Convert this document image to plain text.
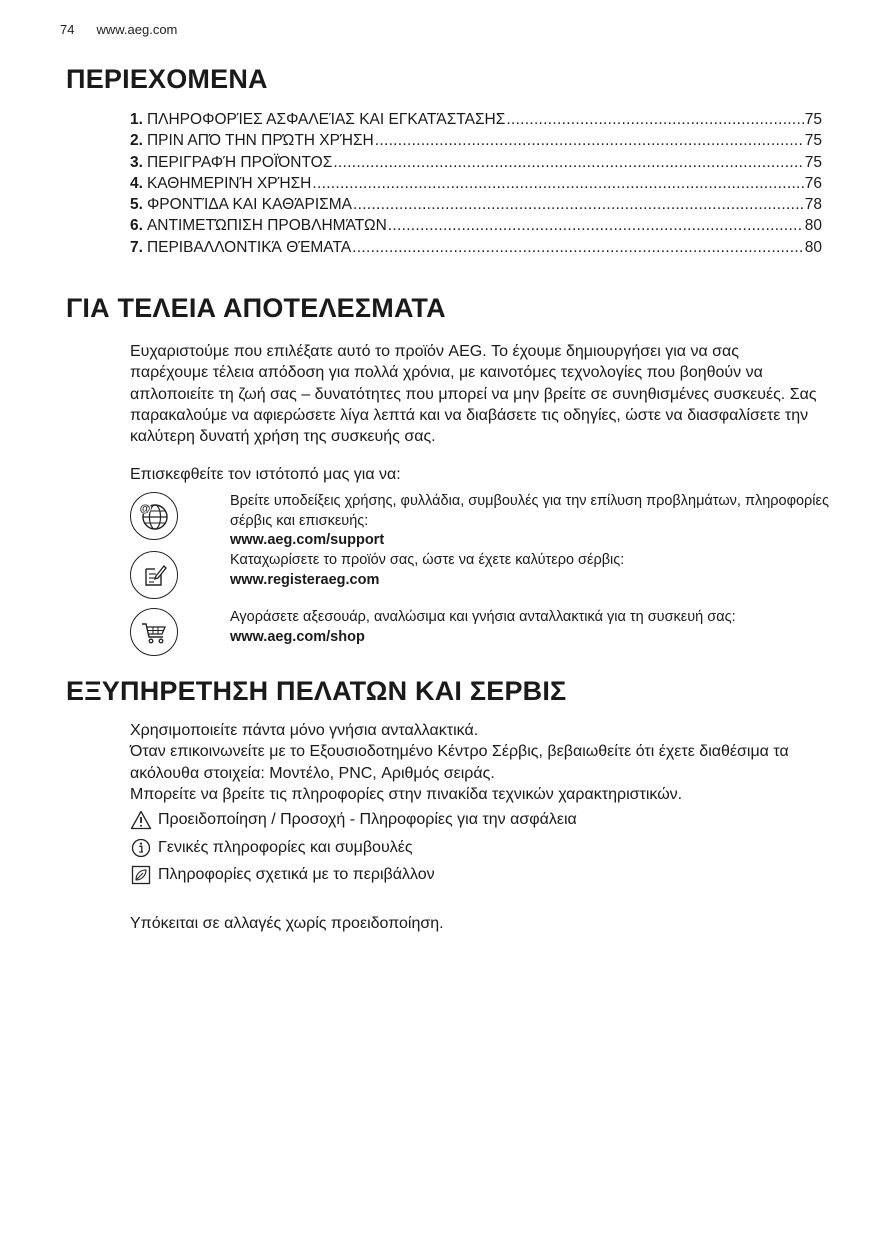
74 www.aeg.com
ΠΕΡΙΕΧΟΜΕΝΑ
1. ΠΛΗΡΟΦΟΡΊΕΣ ΑΣΦΑΛΕΊΑΣ ΚΑΙ ΕΓΚΑΤΆΣΤΑΣΗΣ .....	75
2. ΠΡΙΝ ΑΠΌ ΤΗΝ ΠΡΏΤΗ ΧΡΉΣΗ .....	75
3. ΠΕΡΙΓΡΑΦΉ ΠΡΟΪΌΝΤΟΣ .....	75
4. ΚΑΘΗΜΕΡΙΝΉ ΧΡΉΣΗ .....	76
5. ΦΡΟΝΤΊΔΑ ΚΑΙ ΚΑΘΆΡΙΣΜΑ .....	78
6. ΑΝΤΙΜΕΤΏΠΙΣΗ ΠΡΟΒΛΗΜΆΤΩΝ .....	80
7. ΠΕΡΙΒΑΛΛΟΝΤΙΚΆ ΘΈΜΑΤΑ .....	80
ΓΙΑ ΤΕΛΕΙΑ ΑΠΟΤΕΛΕΣΜΑΤΑ

Ευχαριστούμε που επιλέξατε αυτό το προϊόν AEG. Το έχουμε δημιουργήσει για να σας παρέχουμε τέλεια απόδοση για πολλά χρόνια, με καινοτόμες τεχνολογίες που βοηθούν να απλοποιείτε τη ζωή σας – δυνατότητες που μπορεί να μην βρείτε σε συνηθισμένες συσκευές. Σας παρακαλούμε να αφιερώσετε λίγα λεπτά και να διαβάσετε τις οδηγίες, ώστε να διασφαλίσετε την καλύτερη δυνατή χρήση της συσκευής σας.

Επισκεφθείτε τον ιστότοπό μας για να:

@	Βρείτε υποδείξεις χρήσης, φυλλάδια, συμβουλές για την επίλυση προβλημάτων, πληροφορίες σέρβις και επισκευής:
www.aeg.com/support
Καταχωρίσετε το προϊόν σας, ώστε να έχετε καλύτερο σέρβις:
www.registeraeg.com
Αγοράσετε αξεσουάρ, αναλώσιμα και γνήσια ανταλλακτικά για τη συσκευή σας:
www.aeg.com/shop
ΕΞΥΠΗΡΕΤΗΣΗ ΠΕΛΑΤΩΝ ΚΑΙ ΣΕΡΒΙΣ

Χρησιμοποιείτε πάντα μόνο γνήσια ανταλλακτικά.

Όταν επικοινωνείτε με το Εξουσιοδοτημένο Κέντρο Σέρβις, βεβαιωθείτε ότι έχετε διαθέσιμα τα ακόλουθα στοιχεία: Μοντέλο, PNC, Αριθμός σειράς.

Μπορείτε να βρείτε τις πληροφορίες στην πινακίδα τεχνικών χαρακτηριστικών.

Προειδοποίηση / Προσοχή - Πληροφορίες για την ασφάλεια
Γενικές πληροφορίες και συμβουλές
Πληροφορίες σχετικά με το περιβάλλον

Υπόκειται σε αλλαγές χωρίς προειδοποίηση.
